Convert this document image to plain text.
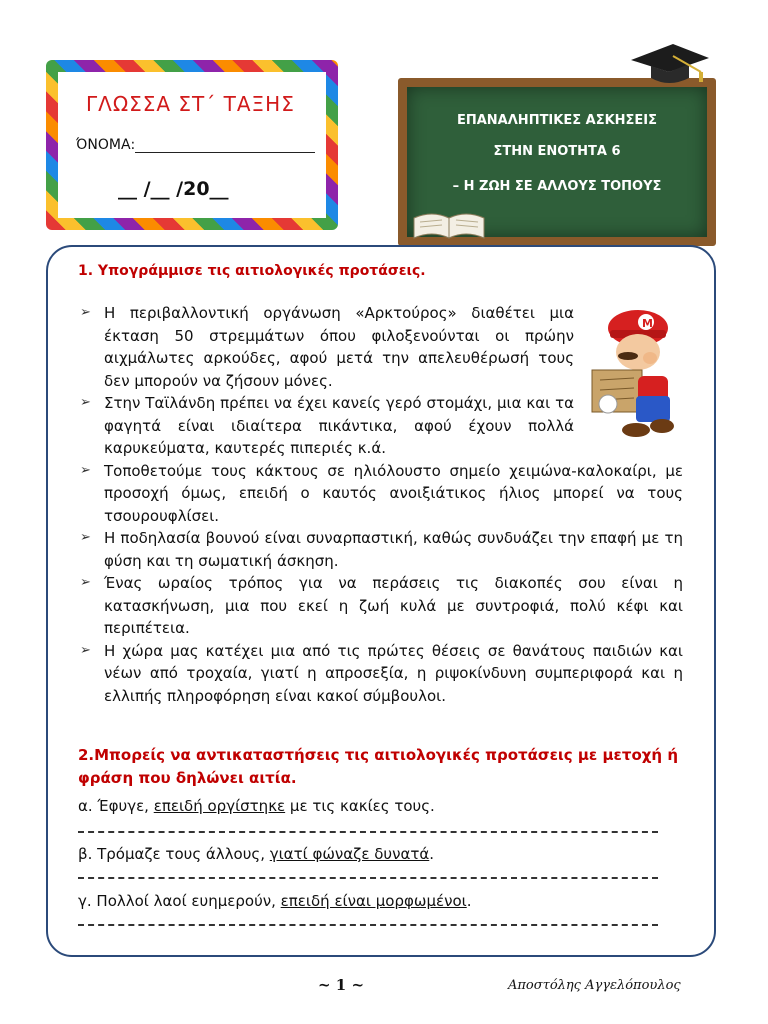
ΓΛΩΣΣΑ ΣΤ΄ ΤΑΞΗΣ
ΌΝΟΜΑ:
__ /__ /20__
ΕΠΑΝΑΛΗΠΤΙΚΕΣ ΑΣΚΗΣΕΙΣ
ΣΤΗΝ ΕΝΟΤΗΤΑ 6
– Η ΖΩΗ ΣΕ ΑΛΛΟΥΣ ΤΟΠΟΥΣ
1. Υπογράμμισε τις αιτιολογικές προτάσεις.
➢ Η περιβαλλοντική οργάνωση «Αρκτούρος» διαθέτει μια έκταση 50 στρεμμάτων όπου φιλοξενούνται οι πρώην αιχμάλωτες αρκούδες, αφού μετά την απελευθέρωσή τους δεν μπορούν να ζήσουν μόνες.
➢ Στην Ταϊλάνδη πρέπει να έχει κανείς γερό στομάχι, μια και τα φαγητά είναι ιδιαίτερα πικάντικα, αφού έχουν πολλά καρυκεύματα, καυτερές πιπεριές κ.ά.
➢ Τοποθετούμε τους κάκτους σε ηλιόλουστο σημείο χειμώνα-καλοκαίρι, με προσοχή όμως, επειδή ο καυτός ανοιξιάτικος ήλιος μπορεί να τους τσουρουφλίσει.
➢ Η ποδηλασία βουνού είναι συναρπαστική, καθώς συνδυάζει την επαφή με τη φύση και τη σωματική άσκηση.
➢ Ένας ωραίος τρόπος για να περάσεις τις διακοπές σου είναι η κατασκήνωση, μια που εκεί η ζωή κυλά με συντροφιά, πολύ κέφι και περιπέτεια.
➢ Η χώρα μας κατέχει μια από τις πρώτες θέσεις σε θανάτους παιδιών και νέων από τροχαία, γιατί η απροσεξία, η ριψοκίνδυνη συμπεριφορά και η ελλιπής πληροφόρηση είναι κακοί σύμβουλοι.
2.Μπορείς να αντικαταστήσεις τις αιτιολογικές προτάσεις με μετοχή ή φράση που δηλώνει αιτία.
α. Έφυγε, επειδή οργίστηκε με τις κακίες τους.
β. Τρόμαζε τους άλλους, γιατί φώναζε δυνατά.
γ. Πολλοί λαοί ευημερούν, επειδή είναι μορφωμένοι.
M
~ 1 ~	Αποστόλης Αγγελόπουλος
